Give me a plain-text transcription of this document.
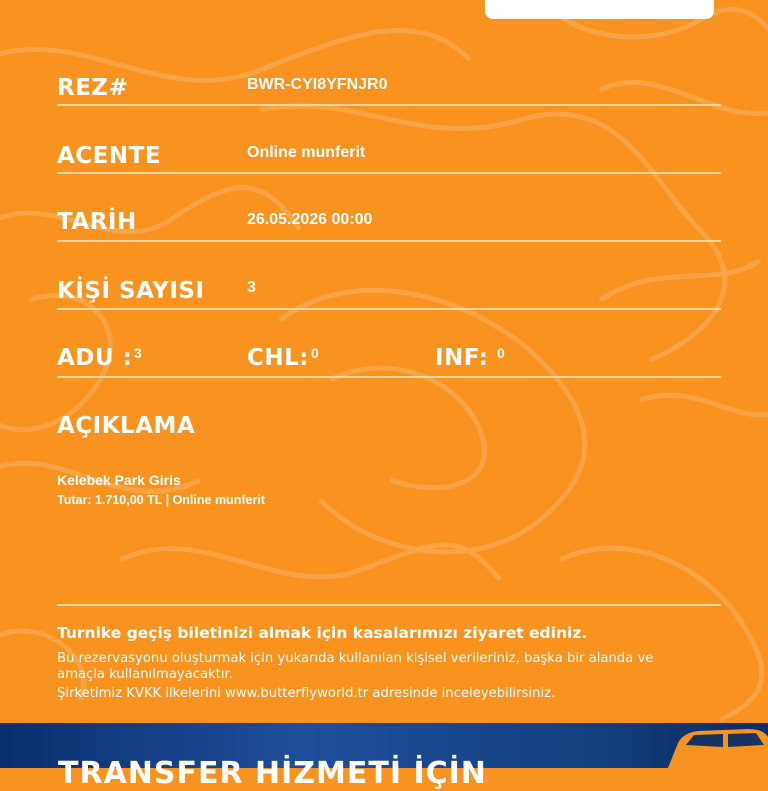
REZ#	BWR-CYI8YFNJR0
ACENTE	Online munferit
TARİH	26.05.2026 00:00
KİŞİ SAYISI	3
ADU : 3	CHL: 0	INF: 0
AÇIKLAMA
Kelebek Park Giris
Tutar: 1.710,00 TL | Online munferit
Turnike geçiş biletinizi almak için kasalarımızı ziyaret ediniz.
Bu rezervasyonu oluşturmak için yukarıda kullanılan kişisel verileriniz, başka bir alanda ve
amaçla kullanılmayacaktır.
Şirketimiz KVKK ilkelerini www.butterflyworld.tr adresinde inceleyebilirsiniz.
TRANSFER HİZMETİ İÇİN
